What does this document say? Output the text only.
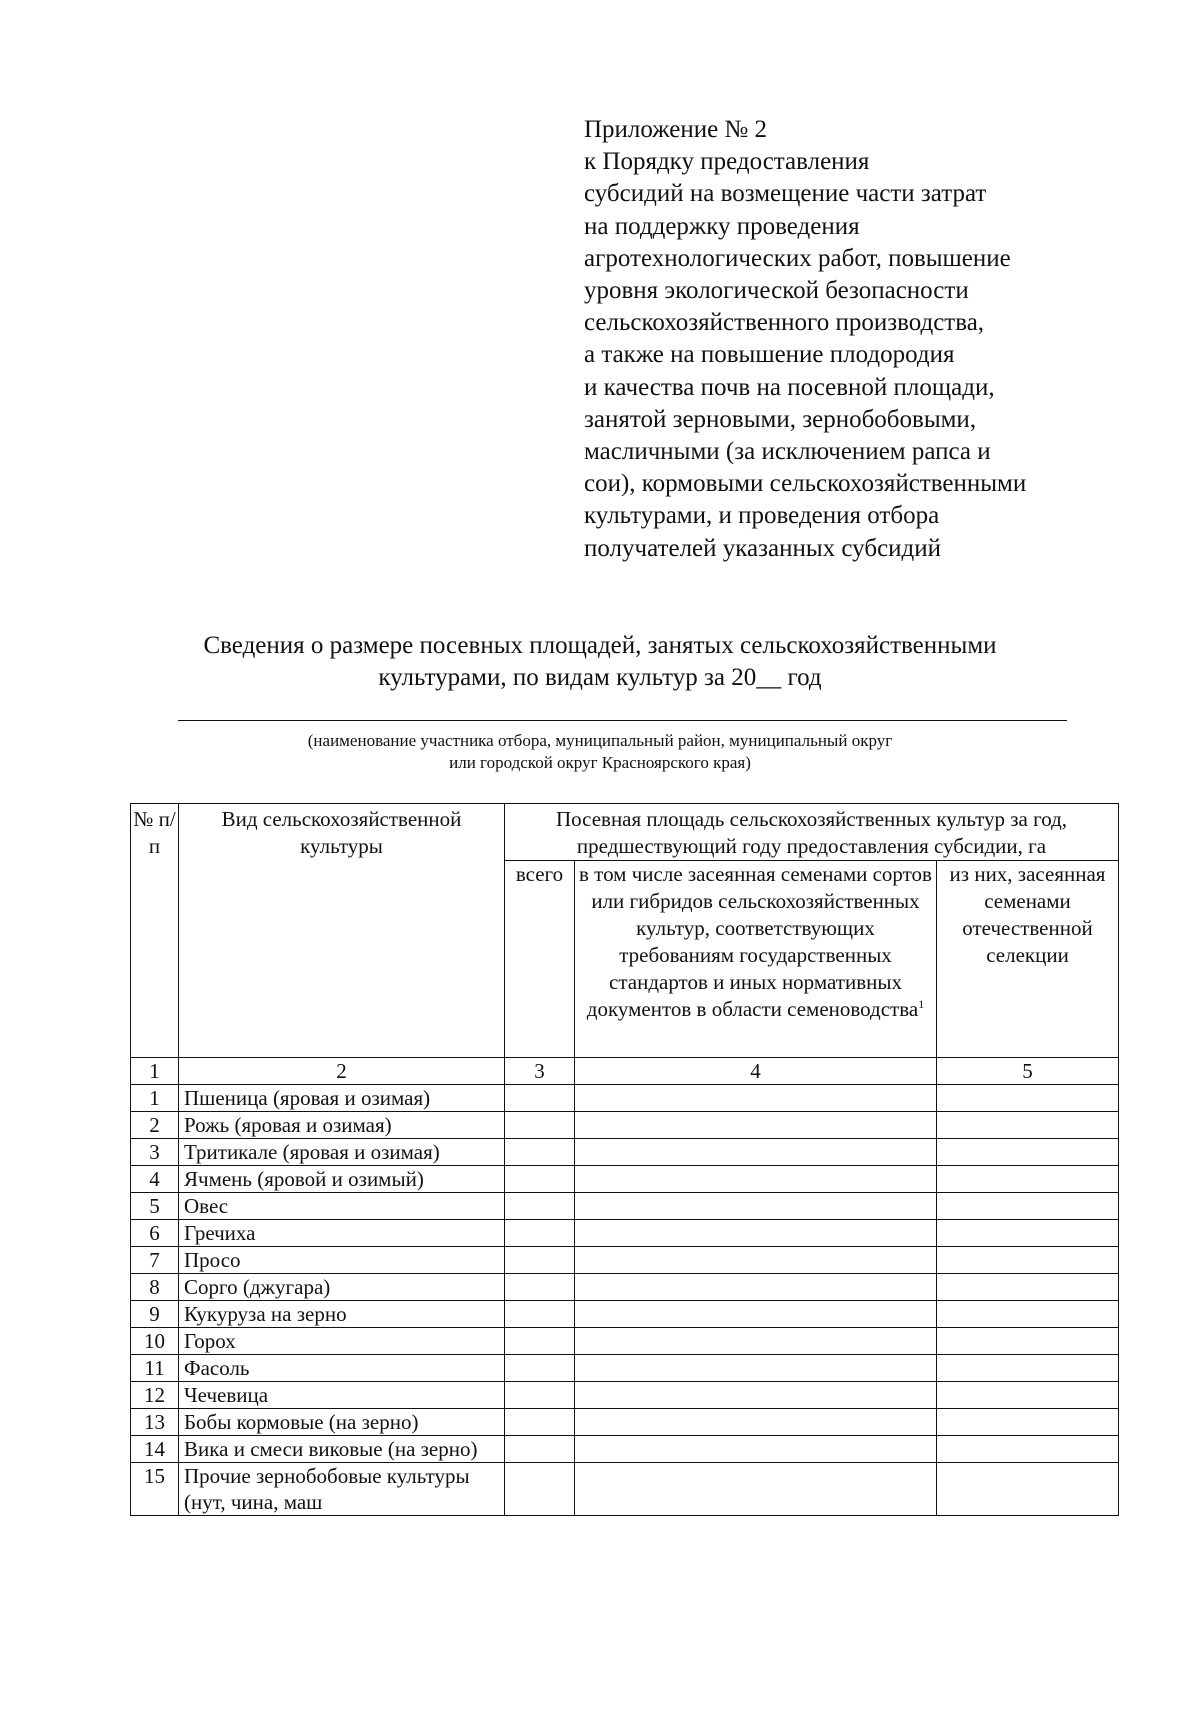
Приложение № 2
к Порядку предоставления
субсидий на возмещение части затрат
на поддержку проведения
агротехнологических работ, повышение
уровня экологической безопасности
сельскохозяйственного производства,
а также на повышение плодородия
и качества почв на посевной площади,
занятой зерновыми, зернобобовыми,
масличными (за исключением рапса и
сои), кормовыми сельскохозяйственными
культурами, и проведения отбора
получателей указанных субсидий
Сведения о размере посевных площадей, занятых сельскохозяйственными
культурами, по видам культур за 20__ год
(наименование участника отбора, муниципальный район, муниципальный округ
или городской округ Красноярского края)
№ п/п	Вид сельскохозяйственной культуры	Посевная площадь сельскохозяйственных культур за год, предшествующий году предоставления субсидии, га		
		всего	в том числе засеянная семенами сортов или гибридов сельскохозяйственных культур, соответствующих требованиям государственных стандартов и иных нормативных документов в области семеноводства$^1$	из них, засеянная семенами отечественной селекции
1	2	3	4	5
1	Пшеница (яровая и озимая)			
2	Рожь (яровая и озимая)			
3	Тритикале (яровая и озимая)			
4	Ячмень (яровой и озимый)			
5	Овес			
6	Гречиха			
7	Просо			
8	Сорго (джугара)			
9	Кукуруза на зерно			
10	Горох			
11	Фасоль			
12	Чечевица			
13	Бобы кормовые (на зерно)			
14	Вика и смеси виковые (на зерно)			
15	Прочие зернобобовые культуры (нут, чина, маш			
